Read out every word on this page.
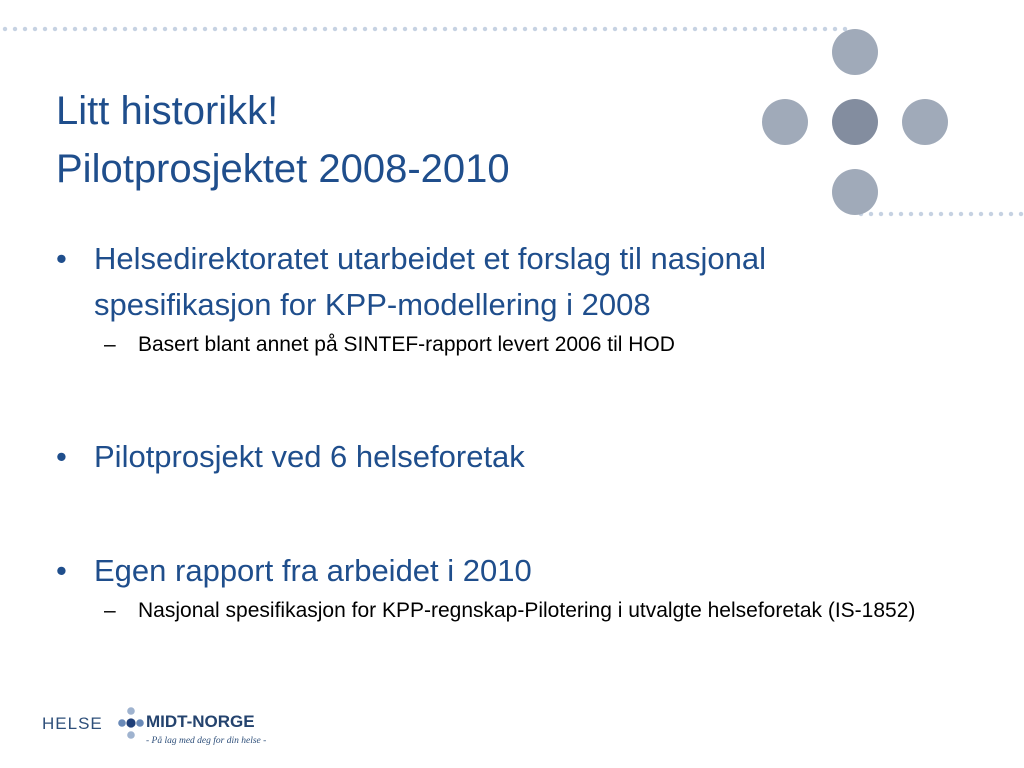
Litt historikk!
Pilotprosjektet 2008-2010
• Helsedirektoratet utarbeidet et forslag til nasjonal spesifikasjon for KPP-modellering i 2008
– Basert blant annet på SINTEF-rapport levert 2006 til HOD
• Pilotprosjekt ved 6 helseforetak
• Egen rapport fra arbeidet i 2010
– Nasjonal spesifikasjon for KPP-regnskap-Pilotering i utvalgte helseforetak (IS-1852)
HELSE	MIDT-NORGE
- På lag med deg for din helse -
